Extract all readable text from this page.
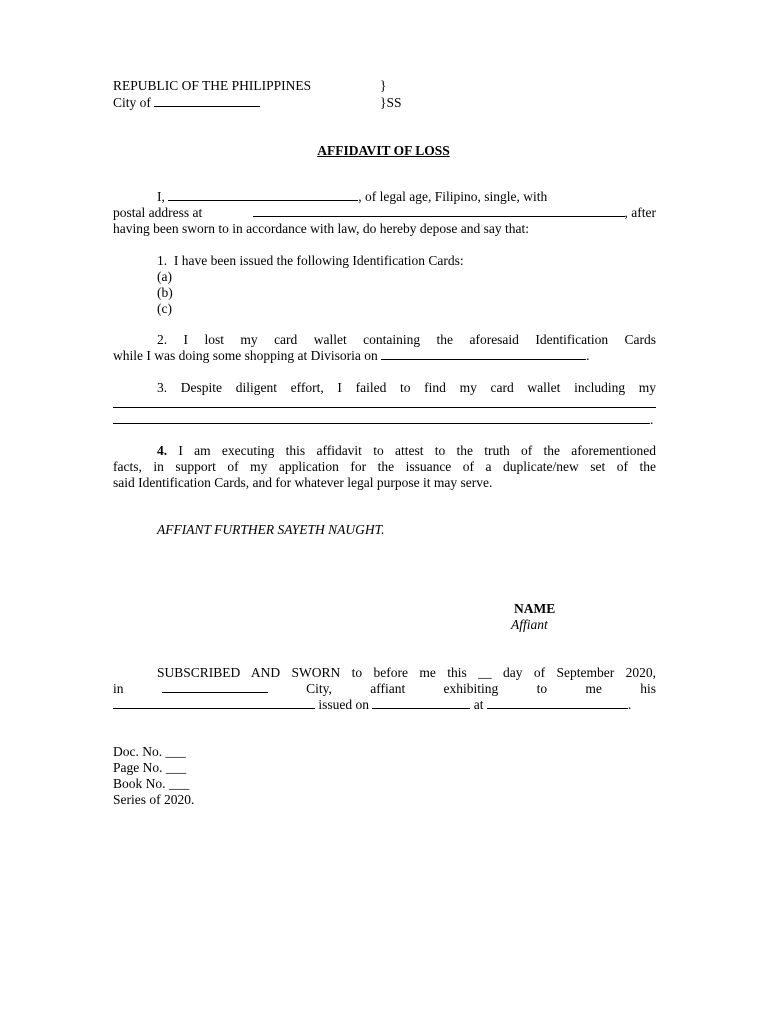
REPUBLIC OF THE PHILIPPINES	}
City of	}SS
AFFIDAVIT OF LOSS
I,	, of legal age, Filipino, single, with
postal address at	, after
having been sworn to in accordance with law, do hereby depose and say that:
1.  I have been issued the following Identification Cards:
(a)
(b)
(c)
2. I lost my card wallet containing the aforesaid Identification Cards
while I was doing some shopping at Divisoria on	.
3. Despite diligent effort, I failed to find my card wallet including my
.
4. I am executing this affidavit to attest to the truth of the aforementioned
facts, in support of my application for the issuance of a duplicate/new set of the
said Identification Cards, and for whatever legal purpose it may serve.
AFFIANT FURTHER SAYETH NAUGHT.
NAME
Affiant
SUBSCRIBED AND SWORN to before me this __ day of September 2020,
in	City,	affiant	exhibiting	to	me	his
issued on	at	.
Doc. No. ___
Page No. ___
Book No. ___
Series of 2020.
